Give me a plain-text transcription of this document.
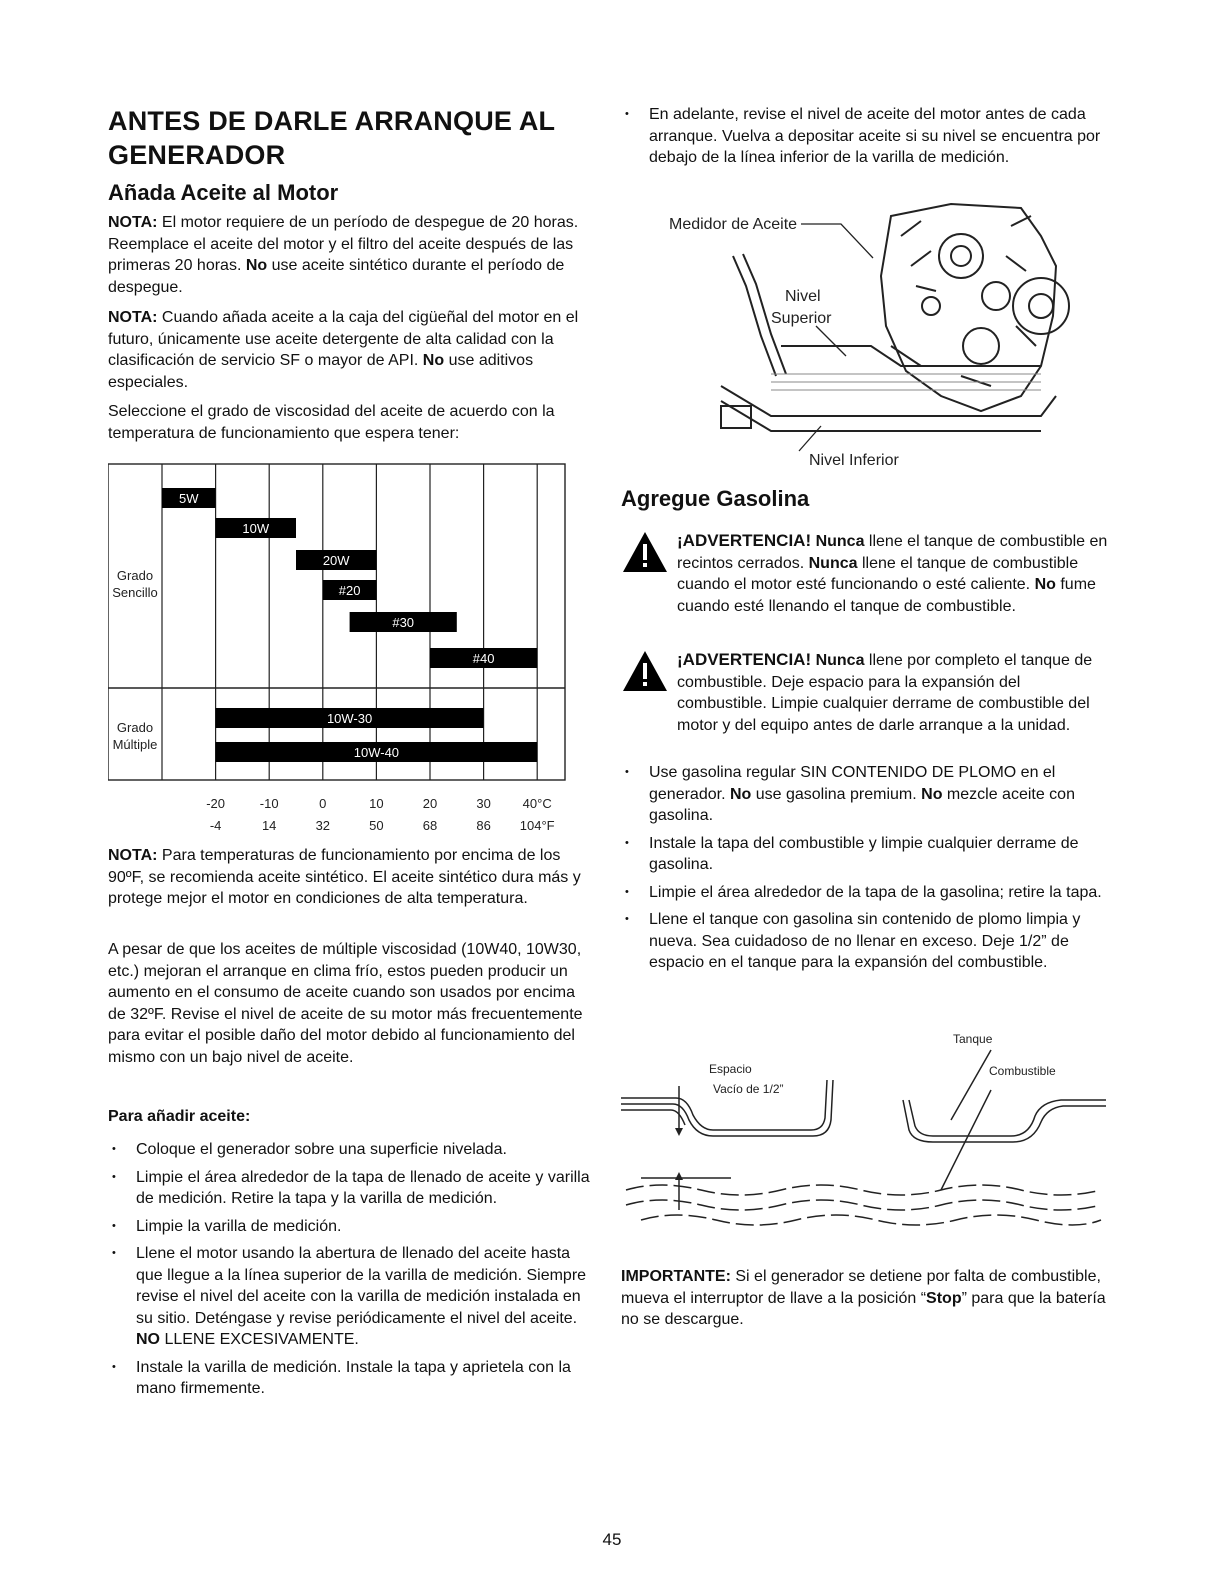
ANTES DE DARLE ARRANQUE AL GENERADOR
Añada Aceite al Motor

NOTA: El motor requiere de un período de despegue de 20 horas. Reemplace el aceite del motor y el filtro del aceite después de las primeras 20 horas. No use aceite sintético durante el período de despegue.

NOTA: Cuando añada aceite a la caja del cigüeñal del motor en el futuro, únicamente use aceite detergente de alta calidad con la clasificación de servicio SF o mayor de API. No use aditivos especiales.

Seleccione el grado de viscosidad del aceite de acuerdo con la temperatura de funcionamiento que espera tener:

5W
10W
20W
#20
#30
#40
10W-30
10W-40
Grado
Sencillo
Grado
Múltiple
-20
-4
-10
14
0
32
10
50
20
68
30
86
40°C
104°F

NOTA: Para temperaturas de funcionamiento por encima de los 90ºF, se recomienda aceite sintético. El aceite sintético dura más y protege mejor el motor en condiciones de alta temperatura.

A pesar de que los aceites de múltiple viscosidad (10W40, 10W30, etc.) mejoran el arranque en clima frío, estos pueden producir un aumento en el consumo de aceite cuando son usados por encima de 32ºF. Revise el nivel de aceite de su motor más frecuentemente para evitar el posible daño del motor debido al funcionamiento del mismo con un bajo nivel de aceite.

Para añadir aceite:

• Coloque el generador sobre una superficie nivelada.
• Limpie el área alrededor de la tapa de llenado de aceite y varilla de medición. Retire la tapa y la varilla de medición.
• Limpie la varilla de medición.
• Llene el motor usando la abertura de llenado del aceite hasta que llegue a la línea superior de la varilla de medición. Siempre revise el nivel del aceite con la varilla de medición instalada en su sitio. Deténgase y revise periódicamente el nivel del aceite. NO LLENE EXCESIVAMENTE.
• Instale la varilla de medición. Instale la tapa y aprietela con la mano firmemente.
• En adelante, revise el nivel de aceite del motor antes de cada arranque. Vuelva a depositar aceite si su nivel se encuentra por debajo de la línea inferior de la varilla de medición.
Medidor de Aceite
Nivel
Superior
Nivel Inferior
Agregue Gasolina

¡ADVERTENCIA! Nunca llene el tanque de combustible en recintos cerrados. Nunca llene el tanque de combustible cuando el motor esté funcionando o esté caliente. No fume cuando esté llenando el tanque de combustible.

¡ADVERTENCIA! Nunca llene por completo el tanque de combustible. Deje espacio para la expansión del combustible. Limpie cualquier derrame de combustible del motor y del equipo antes de darle arranque a la unidad.

• Use gasolina regular SIN CONTENIDO DE PLOMO en el generador. No use gasolina premium. No mezcle aceite con gasolina.
• Instale la tapa del combustible y limpie cualquier derrame de gasolina.
• Limpie el área alrededor de la tapa de la gasolina; retire la tapa.
• Llene el tanque con gasolina sin contenido de plomo limpia y nueva. Sea cuidadoso de no llenar en exceso. Deje 1/2” de espacio en el tanque para la expansión del combustible.
Tanque
Espacio
Vacío de 1/2”
Combustible

IMPORTANTE: Si el generador se detiene por falta de combustible, mueva el interruptor de llave a la posición “Stop” para que la batería no se descargue.

45
